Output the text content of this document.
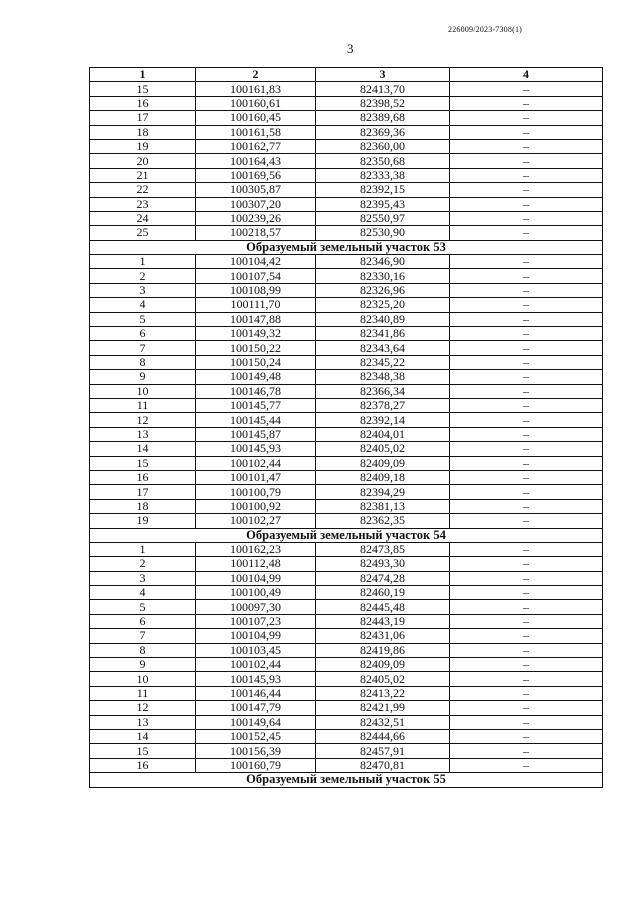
226009/2023-7308(1)
3
1	2	3	4
15	100161,83	82413,70	–
16	100160,61	82398,52	–
17	100160,45	82389,68	–
18	100161,58	82369,36	–
19	100162,77	82360,00	–
20	100164,43	82350,68	–
21	100169,56	82333,38	–
22	100305,87	82392,15	–
23	100307,20	82395,43	–
24	100239,26	82550,97	–
25	100218,57	82530,90	–
Образуемый земельный участок 53			
1	100104,42	82346,90	–
2	100107,54	82330,16	–
3	100108,99	82326,96	–
4	100111,70	82325,20	–
5	100147,88	82340,89	–
6	100149,32	82341,86	–
7	100150,22	82343,64	–
8	100150,24	82345,22	–
9	100149,48	82348,38	–
10	100146,78	82366,34	–
11	100145,77	82378,27	–
12	100145,44	82392,14	–
13	100145,87	82404,01	–
14	100145,93	82405,02	–
15	100102,44	82409,09	–
16	100101,47	82409,18	–
17	100100,79	82394,29	–
18	100100,92	82381,13	–
19	100102,27	82362,35	–
Образуемый земельный участок 54			
1	100162,23	82473,85	–
2	100112,48	82493,30	–
3	100104,99	82474,28	–
4	100100,49	82460,19	–
5	100097,30	82445,48	–
6	100107,23	82443,19	–
7	100104,99	82431,06	–
8	100103,45	82419,86	–
9	100102,44	82409,09	–
10	100145,93	82405,02	–
11	100146,44	82413,22	–
12	100147,79	82421,99	–
13	100149,64	82432,51	–
14	100152,45	82444,66	–
15	100156,39	82457,91	–
16	100160,79	82470,81	–
Образуемый земельный участок 55			
